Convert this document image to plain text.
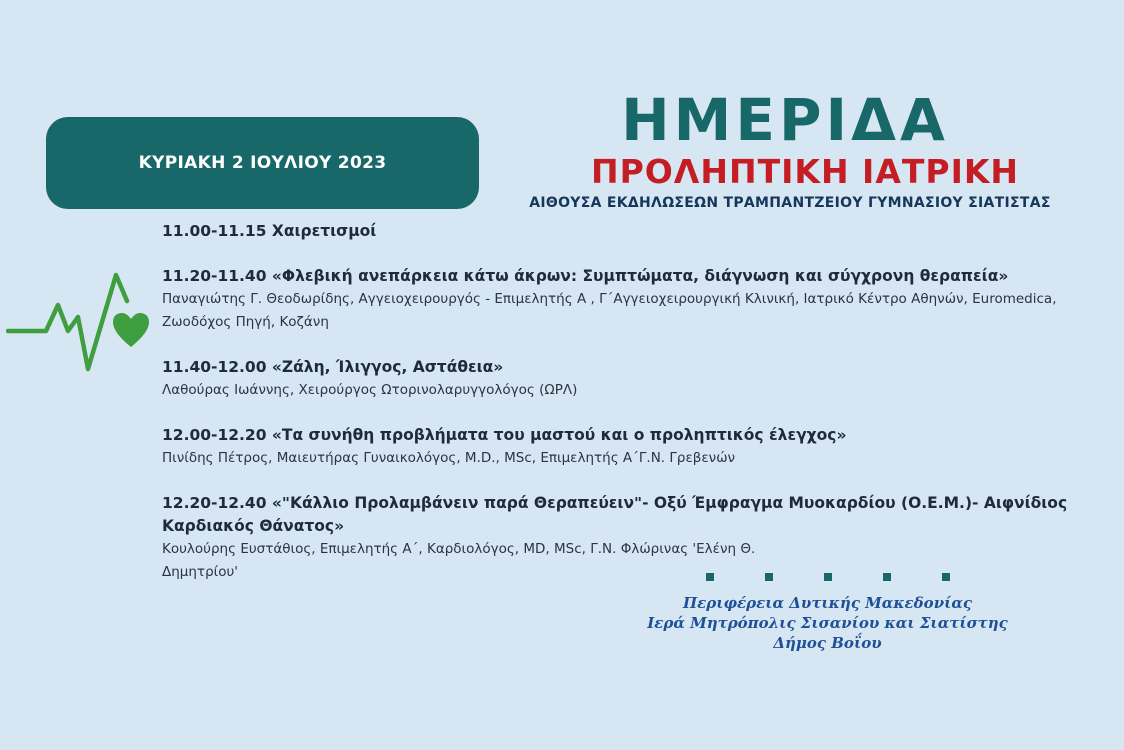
ΚΥΡΙΑΚΗ 2 ΙΟΥΛΙΟΥ 2023
ΗΜΕΡΙΔΑ
ΠΡΟΛΗΠΤΙΚΗ ΙΑΤΡΙΚΗ
ΑΙΘΟΥΣΑ ΕΚΔΗΛΩΣΕΩΝ ΤΡΑΜΠΑΝΤΖΕΙΟΥ ΓΥΜΝΑΣΙΟΥ ΣΙΑΤΙΣΤΑΣ
11.00-11.15 Χαιρετισμοί
11.20-11.40 «Φλεβική ανεπάρκεια κάτω άκρων: Συμπτώματα, διάγνωση και σύγχρονη θεραπεία»
Παναγιώτης Γ. Θεοδωρίδης, Αγγειοχειρουργός - Επιμελητής Α , Γ΄Αγγειοχειρουργική Κλινική, Ιατρικό Κέντρο Αθηνών, Euromedica, Ζωοδόχος Πηγή, Κοζάνη
11.40-12.00 «Ζάλη, Ίλιγγος, Αστάθεια»
Λαθούρας Ιωάννης, Χειρούργος Ωτορινολαρυγγολόγος (ΩΡΛ)
12.00-12.20 «Τα συνήθη προβλήματα του μαστού και ο προληπτικός έλεγχος»
Πινίδης Πέτρος, Μαιευτήρας Γυναικολόγος, M.D., MSc, Επιμελητής Α΄Γ.Ν. Γρεβενών
12.20-12.40 «"Κάλλιο Προλαμβάνειν παρά Θεραπεύειν"- Οξύ Έμφραγμα Μυοκαρδίου (Ο.Ε.Μ.)- Αιφνίδιος Καρδιακός Θάνατος»
Κουλούρης Ευστάθιος, Επιμελητής Α΄, Καρδιολόγος, MD, MSc, Γ.Ν. Φλώρινας 'Ελένη Θ. Δημητρίου'
Περιφέρεια Δυτικής Μακεδονίας
Ιερά Μητρόπολις Σισανίου και Σιατίστης
Δήμος Βοΐου
